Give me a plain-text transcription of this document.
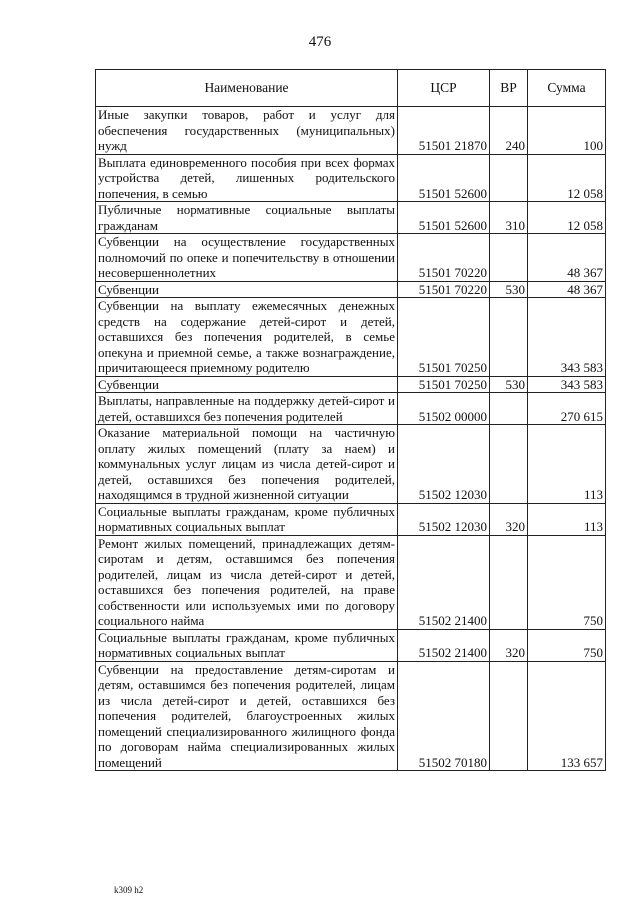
476
Наименование	ЦСР	ВР	Сумма
Иные закупки товаров, работ и услуг для обеспечения государственных (муниципальных) нужд	51501 21870	240	100
Выплата единовременного пособия при всех формах устройства детей, лишенных родительского попечения, в семью	51501 52600		12 058
Публичные нормативные социальные выплаты гражданам	51501 52600	310	12 058
Субвенции на осуществление государственных полномочий по опеке и попечительству в отношении несовершеннолетних	51501 70220		48 367
Субвенции	51501 70220	530	48 367
Субвенции на выплату ежемесячных денежных средств на содержание детей-сирот и детей, оставшихся без попечения родителей, в семье опекуна и приемной семье, а также вознаграждение, причитающееся приемному родителю	51501 70250		343 583
Субвенции	51501 70250	530	343 583
Выплаты, направленные на поддержку детей-сирот и детей, оставшихся без попечения родителей	51502 00000		270 615
Оказание материальной помощи на частичную оплату жилых помещений (плату за наем) и коммунальных услуг лицам из числа детей-сирот и детей, оставшихся без попечения родителей, находящимся в трудной жизненной ситуации	51502 12030		113
Социальные выплаты гражданам, кроме публичных нормативных социальных выплат	51502 12030	320	113
Ремонт жилых помещений, принадлежащих детям-сиротам и детям, оставшимся без попечения родителей, лицам из числа детей-сирот и детей, оставшихся без попечения родителей, на праве собственности или используемых ими по договору социального найма	51502 21400		750
Социальные выплаты гражданам, кроме публичных нормативных социальных выплат	51502 21400	320	750
Субвенции на предоставление детям-сиротам и детям, оставшимся без попечения родителей, лицам из числа детей-сирот и детей, оставшихся без попечения родителей, благоустроенных жилых помещений специализированного жилищного фонда по договорам найма специализированных жилых помещений	51502 70180		133 657
k309 h2
